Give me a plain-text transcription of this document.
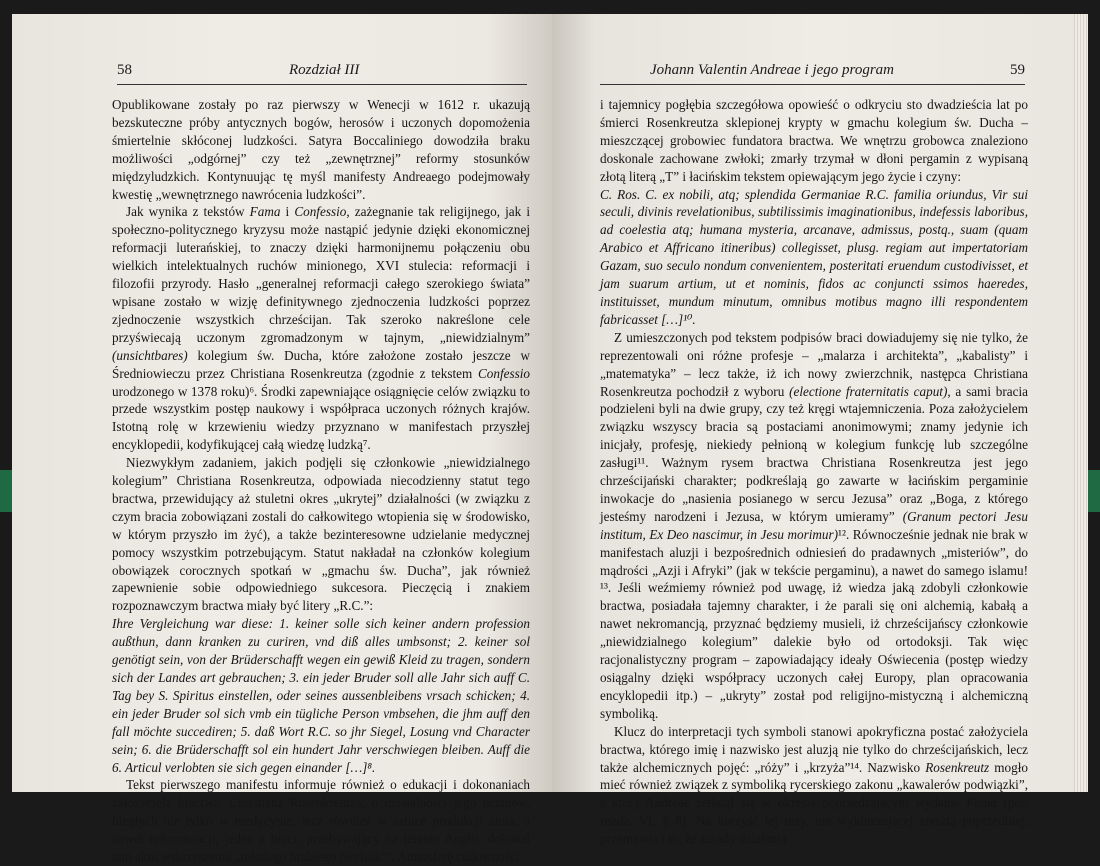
58	Rozdział III

Opublikowane zostały po raz pierwszy w Wenecji w 1612 r. ukazują bezskuteczne próby antycznych bogów, herosów i uczonych dopomożenia śmiertelnie skłóconej ludzkości. Satyra Boccaliniego dowodziła braku możliwości „odgórnej” czy też „zewnętrznej” reformy stosunków międzyludzkich. Kontynuując tę myśl manifesty Andreaego podejmowały kwestię „wewnętrznego nawrócenia ludzkości”.

Jak wynika z tekstów Fama i Confessio, zażegnanie tak religijnego, jak i społeczno-politycznego kryzysu może nastąpić jedynie dzięki ekonomicznej reformacji luterańskiej, to znaczy dzięki harmonijnemu połączeniu obu wielkich intelektualnych ruchów minionego, XVI stulecia: reformacji i filozofii przyrody. Hasło „generalnej reformacji całego szerokiego świata” wpisane zostało w wizję definitywnego zjednoczenia ludzkości poprzez zjednoczenie wszystkich chrześcijan. Tak szeroko nakreślone cele przyświecają uczonym zgromadzonym w tajnym, „niewidzialnym” (unsichtbares) kolegium św. Ducha, które założone zostało jeszcze w Średniowieczu przez Christiana Rosenkreutza (zgodnie z tekstem Confessio urodzonego w 1378 roku)⁶. Środki zapewniające osiągnięcie celów związku to przede wszystkim postęp naukowy i współpraca uczonych różnych krajów. Istotną rolę w krzewieniu wiedzy przyznano w manifestach przyszłej encyklopedii, kodyfikującej całą wiedzę ludzką⁷.

Niezwykłym zadaniem, jakich podjęli się członkowie „niewidzialnego kolegium” Christiana Rosenkreutza, odpowiada niecodzienny statut tego bractwa, przewidujący aż stuletni okres „ukrytej” działalności (w związku z czym bracia zobowiązani zostali do całkowitego wtopienia się w środowisko, w którym przyszło im żyć), a także bezinteresowne udzielanie medycznej pomocy wszystkim potrzebującym. Statut nakładał na członków kolegium obowiązek corocznych spotkań w „gmachu św. Ducha”, jak również zapewnienie sobie odpowiedniego sukcesora. Pieczęcią i znakiem rozpoznawczym bractwa miały być litery „R.C.”:

Ihre Vergleichung war diese: 1. keiner solle sich keiner andern profession außthun, dann kranken zu curiren, vnd diß alles umbsonst; 2. keiner sol genötigt sein, von der Brüderschafft wegen ein gewiß Kleid zu tragen, sondern sich der Landes art gebrauchen; 3. ein jeder Bruder soll alle Jahr sich auff C. Tag bey S. Spiritus einstellen, oder seines aussenbleibens vrsach schicken; 4. ein jeder Bruder sol sich vmb ein tügliche Person vmbsehen, die jhm auff den fall möchte succediren; 5. daß Wort R.C. so jhr Siegel, Losung vnd Character sein; 6. die Brüderschafft sol ein hundert Jahr verschwiegen bleiben. Auff die 6. Articul verlobten sie sich gegen einander […]⁸.

Tekst pierwszego manifestu informuje również o edukacji i dokonaniach założyciela bractwa, Christiana Rosenkreutza, o działalności jego uczniów, biegłych nie tylko w medycynie, lecz również w sztuce produkcji złota, a nawet nekromancji; jeden z braci, przebywający na terenie Anglii, dokonał tam aktu wskrzeszenia „młodego hrabiego Norfolk”⁹. Atmosferę cudowności

Johann Valentin Andreae i jego program	59

i tajemnicy pogłębia szczegółowa opowieść o odkryciu sto dwadzieścia lat po śmierci Rosenkreutza sklepionej krypty w gmachu kolegium św. Ducha – mieszczącej grobowiec fundatora bractwa. We wnętrzu grobowca znaleziono doskonale zachowane zwłoki; zmarły trzymał w dłoni pergamin z wypisaną złotą literą „T” i łacińskim tekstem opiewającym jego życie i czyny:

C. Ros. C. ex nobili, atq; splendida Germaniae R.C. familia oriundus, Vir sui seculi, divinis revelationibus, subtilissimis imaginationibus, indefessis laboribus, ad coelestia atq; humana mysteria, arcanave, admissus, postq., suam (quam Arabico et Affricano itineribus) collegisset, plusg. regiam aut impertatoriam Gazam, suo seculo nondum convenientem, posteritati eruendum custodivisset, et jam suarum artium, ut et nominis, fidos ac conjuncti ssimos haeredes, instituisset, mundum minutum, omnibus motibus magno illi respondentem fabricasset […]¹⁰.

Z umieszczonych pod tekstem podpisów braci dowiadujemy się nie tylko, że reprezentowali oni różne profesje – „malarza i architekta”, „kabalisty” i „matematyka” – lecz także, iż ich nowy zwierzchnik, następca Christiana Rosenkreutza pochodził z wyboru (electione fraternitatis caput), a sami bracia podzieleni byli na dwie grupy, czy też kręgi wtajemniczenia. Poza założycielem związku wszyscy bracia są postaciami anonimowymi; znamy jedynie ich inicjały, profesję, niekiedy pełnioną w kolegium funkcję lub szczególne zasługi¹¹. Ważnym rysem bractwa Christiana Rosenkreutza jest jego chrześcijański charakter; podkreślają go zawarte w łacińskim pergaminie inwokacje do „nasienia posianego w sercu Jezusa” oraz „Boga, z którego jesteśmy narodzeni i Jezusa, w którym umieramy” (Granum pectori Jesu institum, Ex Deo nascimur, in Jesu morimur)¹². Równocześnie jednak nie brak w manifestach aluzji i bezpośrednich odniesień do pradawnych „misteriów”, do mądrości „Azji i Afryki” (jak w tekście pergaminu), a nawet do samego islamu!¹³. Jeśli weźmiemy również pod uwagę, iż wiedza jaką zdobyli członkowie bractwa, posiadała tajemny charakter, i że parali się oni alchemią, kabałą a nawet nekromancją, przyznać będziemy musieli, iż chrześcijańscy członkowie „niewidzialnego kolegium” dalekie było od ortodoksji. Tak więc racjonalistyczny program – zapowiadający ideały Oświecenia (postęp wiedzy osiągalny dzięki współpracy uczonych całej Europy, plan opracowania encyklopedii itp.) – „ukryty” został pod religijno-mistyczną i alchemiczną symboliką.

Klucz do interpretacji tych symboli stanowi apokryficzna postać założyciela bractwa, którego imię i nazwisko jest aluzją nie tylko do chrześcijańskich, lecz także alchemicznych pojęć: „róży” i „krzyża”¹⁴. Nazwisko Rosenkreutz mogło mieć również związek z symboliką rycerskiego zakonu „kawalerów podwiązki”, z którą Andreae zetknął się w okresie poprzedzającym wydanie Fama (por. rozdz. VI, § 8). Na korzyść tej tezy, nie wykluczającej zresztą poprzedniej, przemawia i to, że zasady działania
